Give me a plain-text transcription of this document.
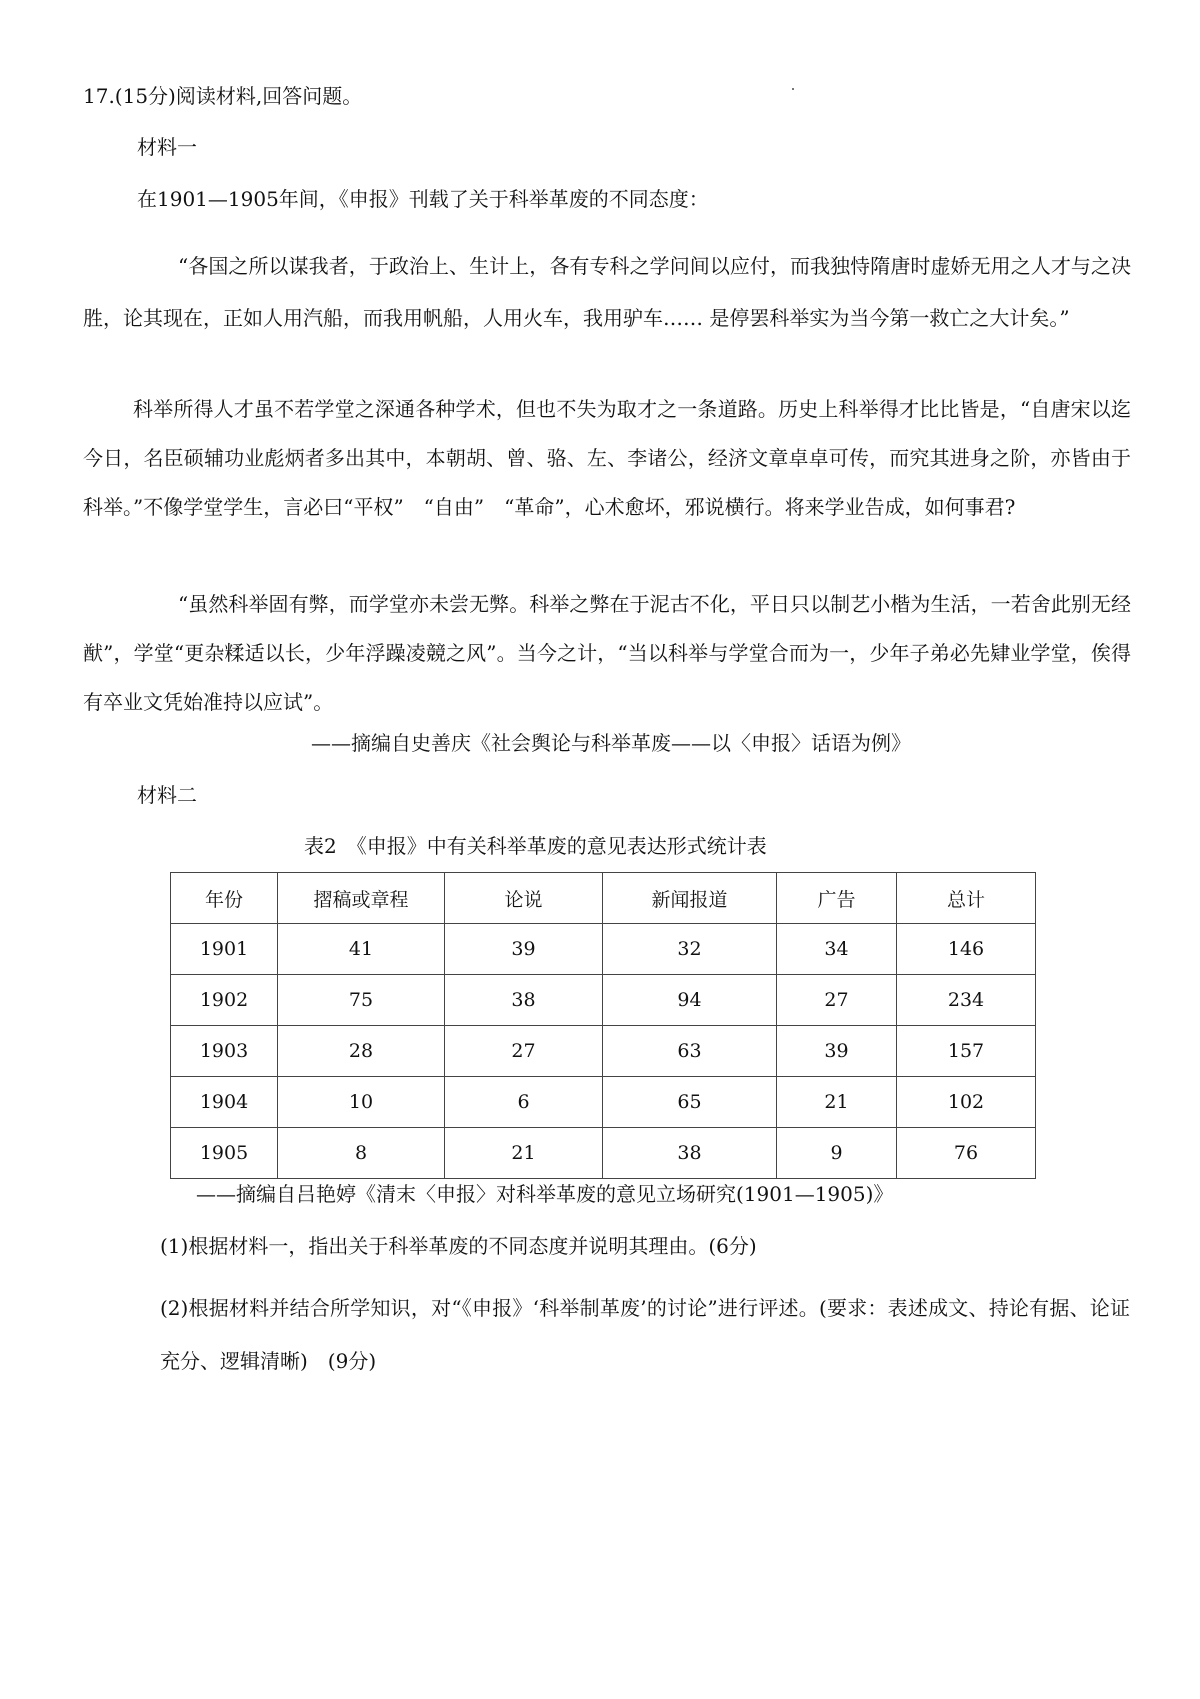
17.(15分)阅读材料,回答问题。
材料一
在1901—1905年间，《申报》刊载了关于科举革废的不同态度：
“各国之所以谋我者，于政治上、生计上，各有专科之学问间以应付，而我独恃隋唐时虚娇无用之人才与之决胜，论其现在，正如人用汽船，而我用帆船，人用火车，我用驴车…… 是停罢科举实为当今第一救亡之大计矣。”
科举所得人才虽不若学堂之深通各种学术，但也不失为取才之一条道路。历史上科举得才比比皆是，“自唐宋以迄今日，名臣硕辅功业彪炳者多出其中，本朝胡、曾、骆、左、李诸公，经济文章卓卓可传，而究其进身之阶，亦皆由于科举。”不像学堂学生，言必曰“平权”　“自由”　“革命”，心术愈坏，邪说横行。将来学业告成，如何事君?
“虽然科举固有弊，而学堂亦未尝无弊。科举之弊在于泥古不化，平日只以制艺小楷为生活，一若舍此别无经猷”，学堂“更杂糅适以长，少年浮躁凌競之风”。当今之计，“当以科举与学堂合而为一，少年子弟必先肄业学堂，俟得有卒业文凭始准持以应试”。
——摘编自史善庆《社会舆论与科举革废——以〈申报〉话语为例》
材料二
表2　《申报》中有关科举革废的意见表达形式统计表
年份	摺稿或章程	论说	新闻报道	广告	总计
1901	41	39	32	34	146
1902	75	38	94	27	234
1903	28	27	63	39	157
1904	10	6	65	21	102
1905	8	21	38	9	76
——摘编自吕艳婷《清末〈申报〉对科举革废的意见立场研究(1901—1905)》
(1)根据材料一，指出关于科举革废的不同态度并说明其理由。(6分)
(2)根据材料并结合所学知识，对“《申报》‘科举制革废’的讨论”进行评述。(要求：表述成文、持论有据、论证充分、逻辑清晰)　(9分)
